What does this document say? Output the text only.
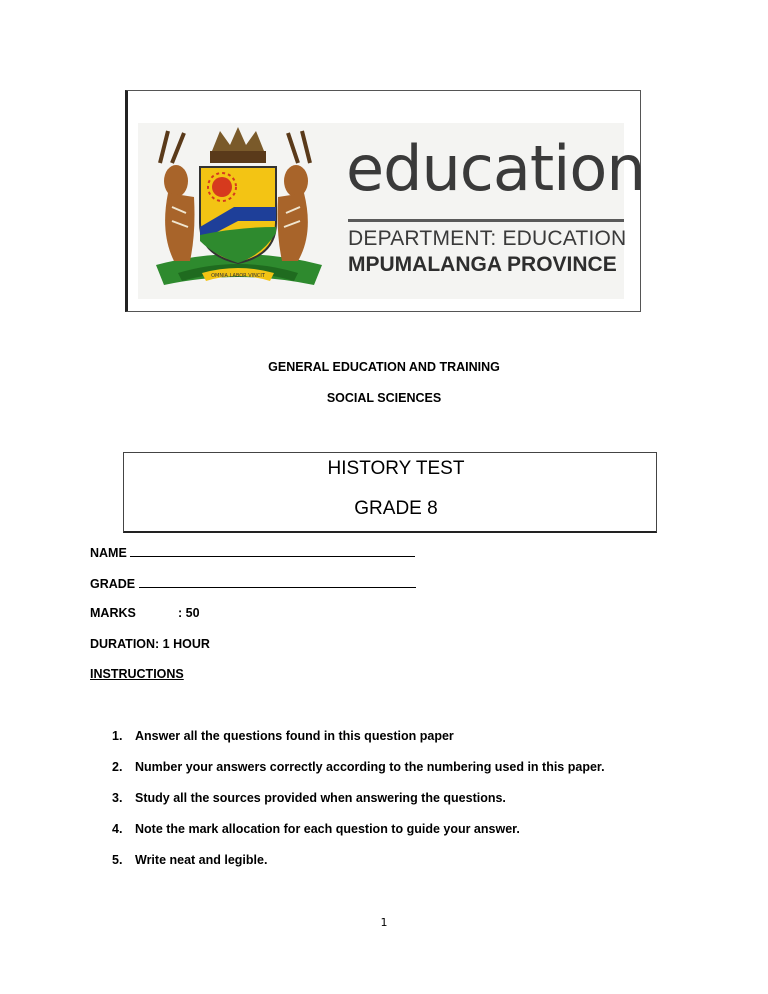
OMNIA LABOR VINCIT
education
DEPARTMENT: EDUCATION
MPUMALANGA PROVINCE
GENERAL EDUCATION AND TRAINING
SOCIAL SCIENCES
HISTORY TEST
GRADE 8
NAME
GRADE
MARKS	: 50
DURATION: 1 HOUR
INSTRUCTIONS
1. Answer all the questions found in this question paper
2. Number your answers correctly according to the numbering used in this paper.
3. Study all the sources provided when answering the questions.
4. Note the mark allocation for each question to guide your answer.
5. Write neat and legible.
1
